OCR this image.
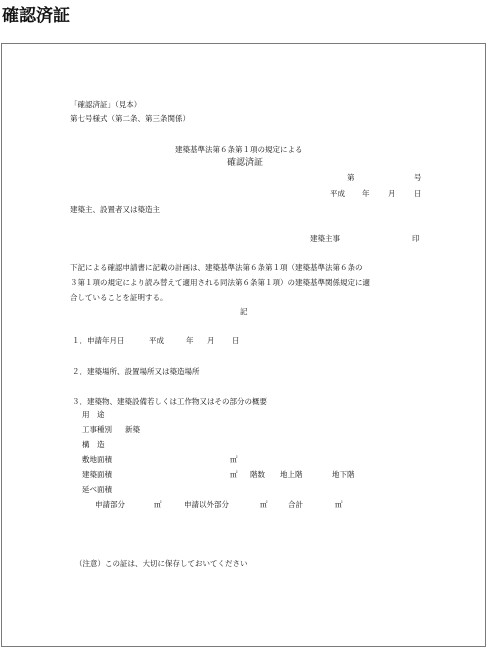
確認済証
「確認済証」（見本）
第七号様式（第二条、第三条関係）
建築基準法第６条第１項の規定による
確認済証
第	号
平成 年 月 日
建築主、設置者又は築造主
建築主事	印
下記による確認申請書に記載の計画は、建築基準法第６条第１項（建築基準法第６条の
３第１項の規定により読み替えて適用される同法第６条第１項）の建築基準関係規定に適
合していることを証明する。
記
１．申請年月日	平成	年 月 日
２．建築場所、設置場所又は築造場所
３．建築物、建築設備若しくは工作物又はその部分の概要
用　途
工事種別 新築
構　造
敷地面積	㎡
建築面積	㎡ 階数 地上階	地下階
延べ面積
申請部分	㎡	申請以外部分	㎡	合計	㎡
（注意）この証は、大切に保存しておいてください
